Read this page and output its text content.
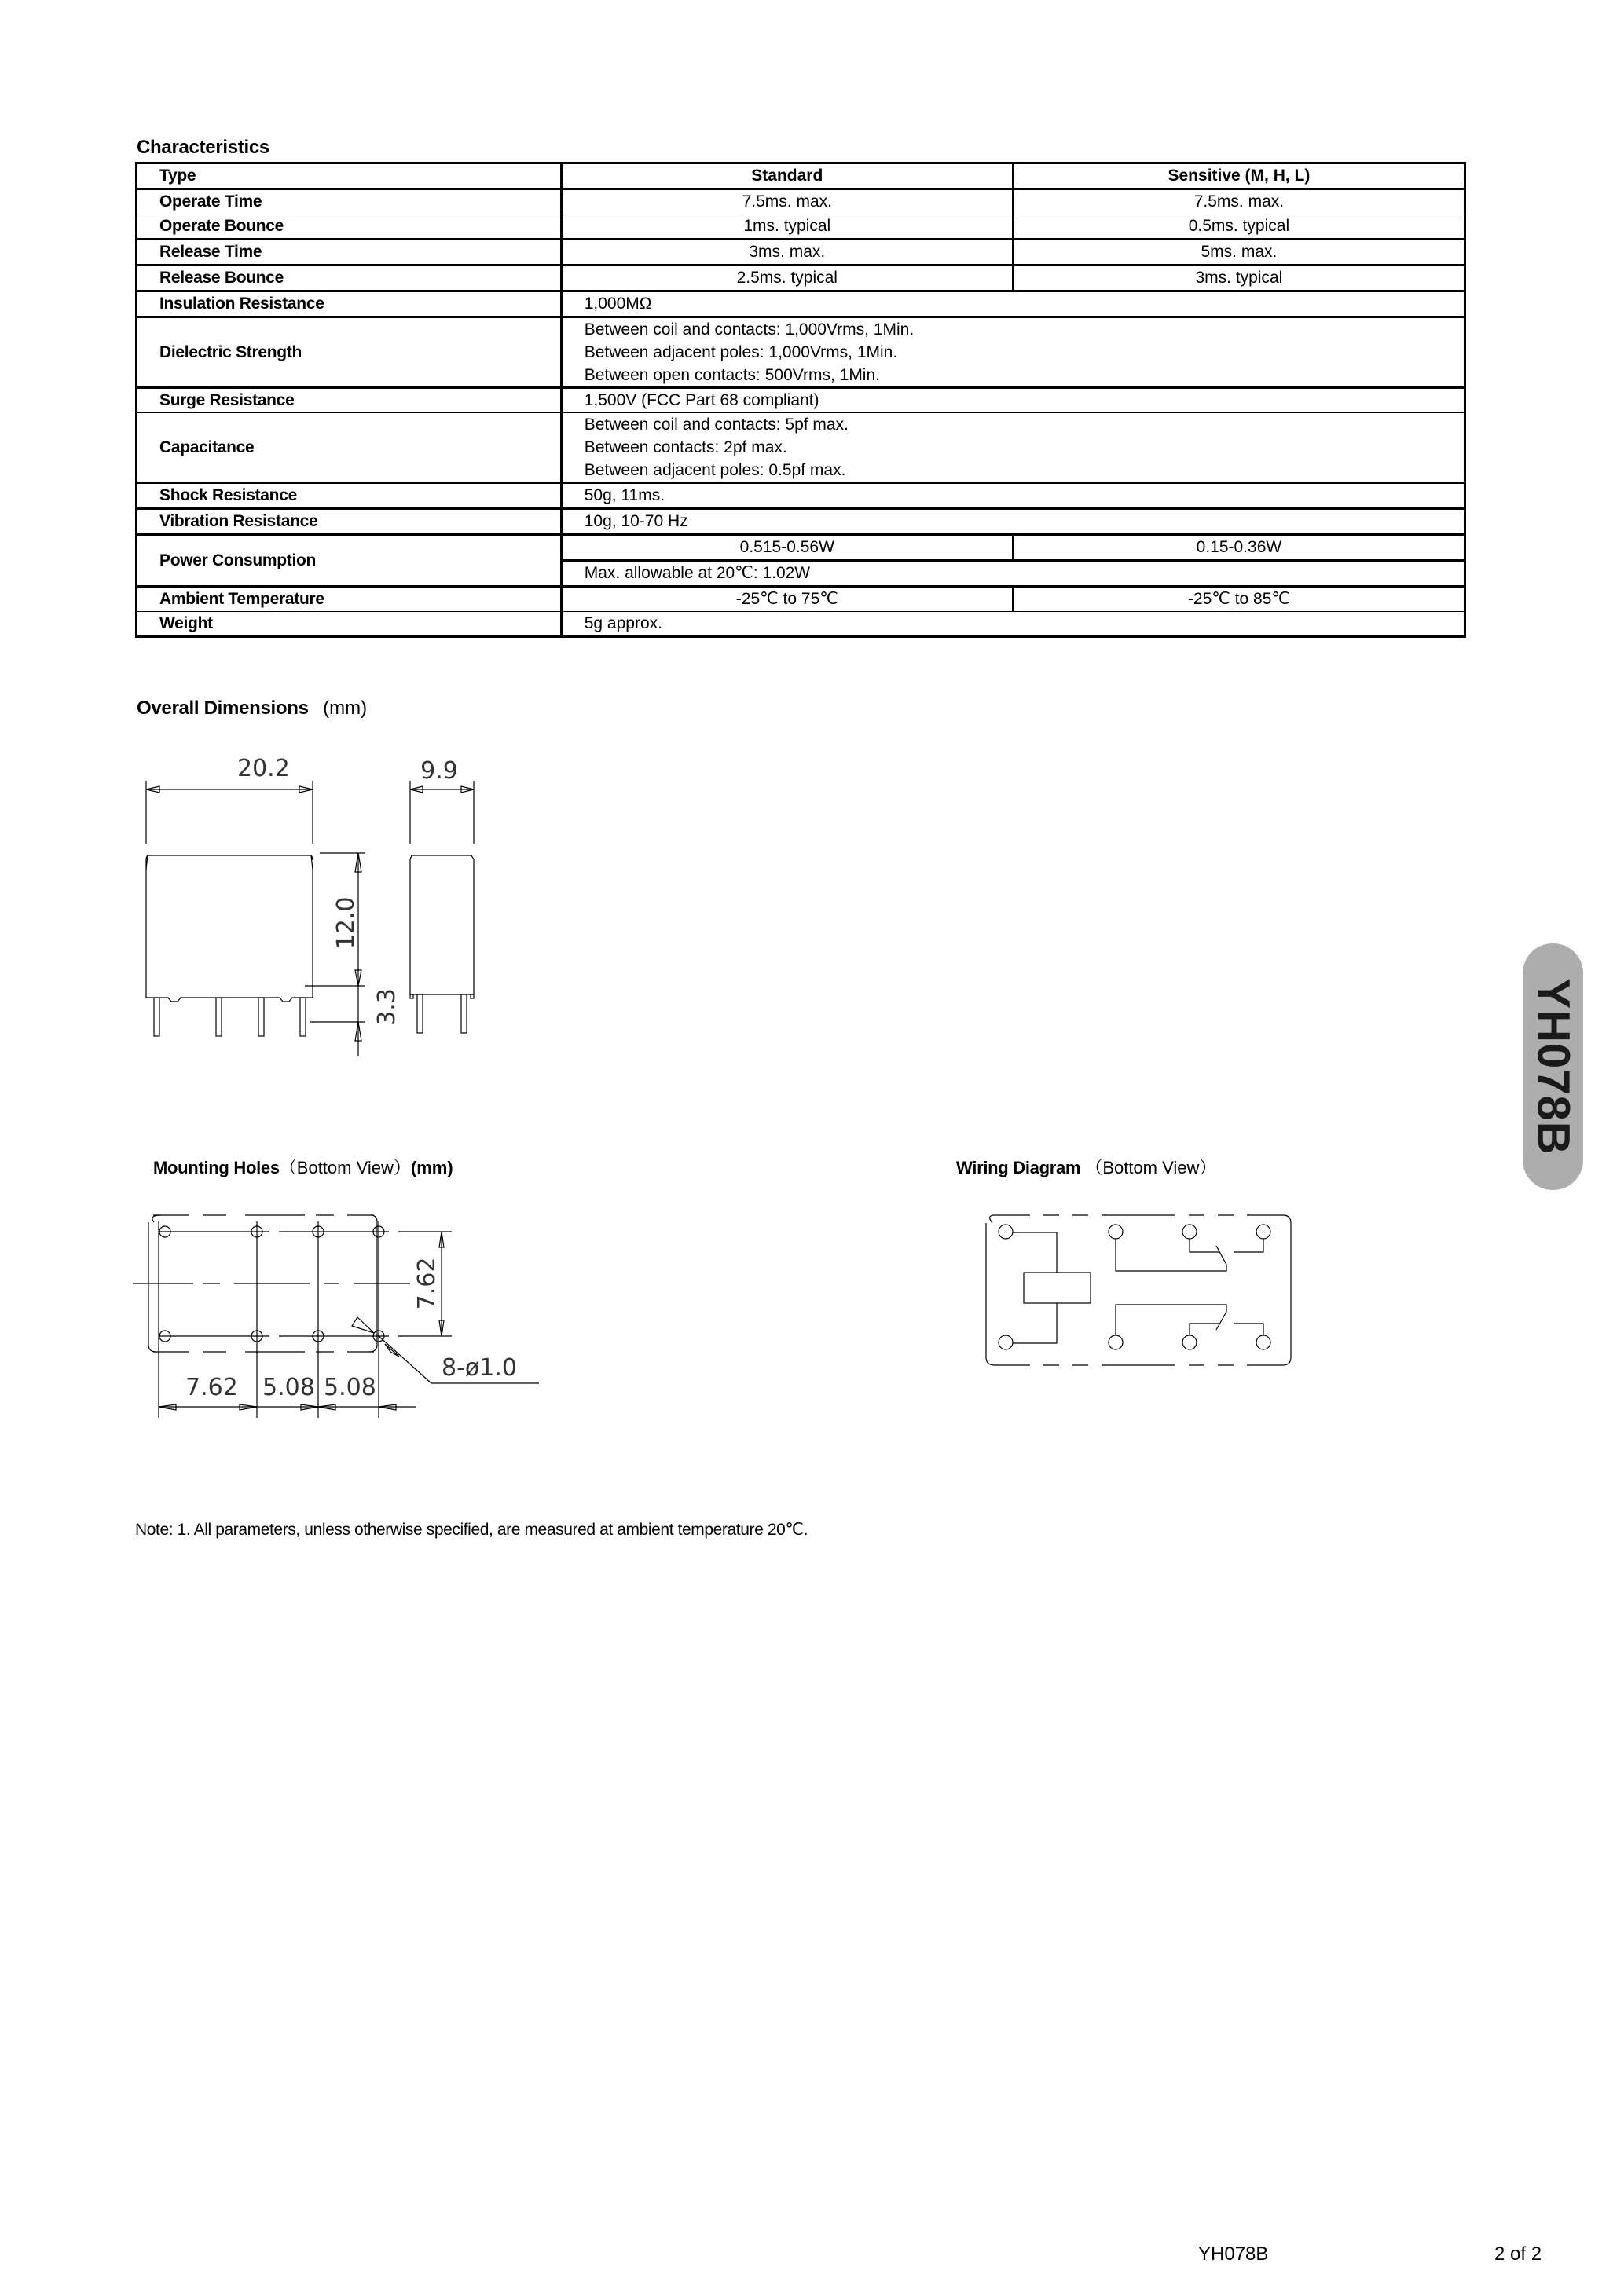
Characteristics
Type	Standard	Sensitive (M, H, L)
Operate Time	7.5ms. max.	7.5ms. max.
Operate Bounce	1ms. typical	0.5ms. typical
Release Time	3ms. max.	5ms. max.
Release Bounce	2.5ms. typical	3ms. typical
Insulation Resistance	1,000MΩ	
Dielectric Strength	Between coil and contacts: 1,000Vrms, 1Min.
Between adjacent poles: 1,000Vrms, 1Min.
Between open contacts: 500Vrms, 1Min.	

Surge Resistance	1,500V (FCC Part 68 compliant)	
Capacitance	Between coil and contacts: 5pf max.
Between contacts: 2pf max.
Between adjacent poles: 0.5pf max.	

Shock Resistance	50g, 11ms.	
Vibration Resistance	10g, 10-70 Hz	
Power Consumption	0.515-0.56W	0.15-0.36W
	Max. allowable at 20℃: 1.02W	
Ambient Temperature	-25℃ to 75℃	-25℃ to 85℃
Weight	5g approx.	
Overall Dimensions (mm)
20.2	9.9
12.0
3.3
7.62 5.08 5.08
7.62
8-ø1.0
Mounting Holes（Bottom View）(mm)	Wiring Diagram （Bottom View）
YH078B
Note: 1. All parameters, unless otherwise specified, are measured at ambient temperature 20℃.
YH078B	2 of 2
